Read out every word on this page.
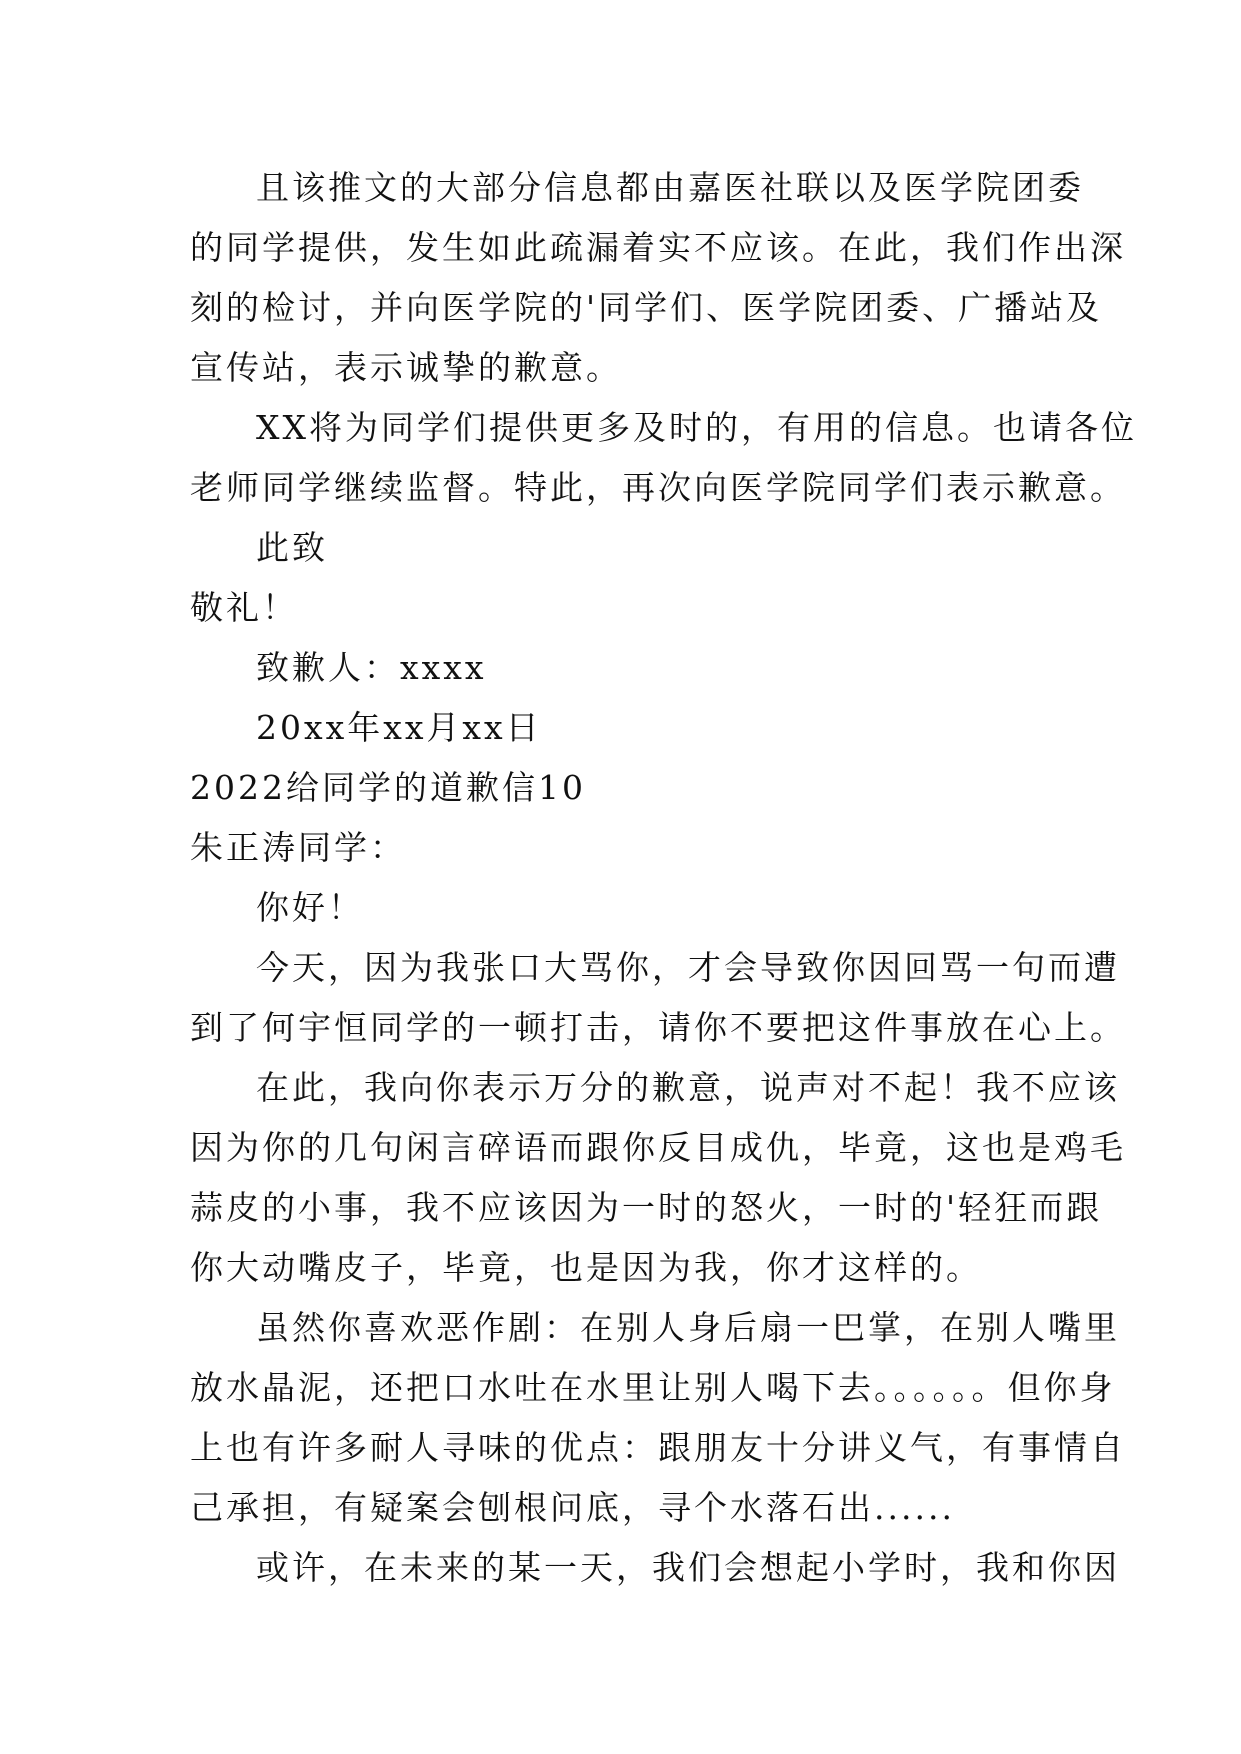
且该推文的大部分信息都由嘉医社联以及医学院团委
的同学提供，发生如此疏漏着实不应该。在此，我们作出深
刻的检讨，并向医学院的'同学们、医学院团委、广播站及
宣传站，表示诚挚的歉意。
XX将为同学们提供更多及时的，有用的信息。也请各位
老师同学继续监督。特此，再次向医学院同学们表示歉意。
此致
敬礼！
致歉人：xxxx
20xx年xx月xx日
2022给同学的道歉信10
朱正涛同学：
你好！
今天，因为我张口大骂你，才会导致你因回骂一句而遭
到了何宇恒同学的一顿打击，请你不要把这件事放在心上。
在此，我向你表示万分的歉意，说声对不起！我不应该
因为你的几句闲言碎语而跟你反目成仇，毕竟，这也是鸡毛
蒜皮的小事，我不应该因为一时的怒火，一时的'轻狂而跟
你大动嘴皮子，毕竟，也是因为我，你才这样的。
虽然你喜欢恶作剧：在别人身后扇一巴掌，在别人嘴里
放水晶泥，还把口水吐在水里让别人喝下去。。。。。。但你身
上也有许多耐人寻味的优点：跟朋友十分讲义气，有事情自
己承担，有疑案会刨根问底，寻个水落石出......
或许，在未来的某一天，我们会想起小学时，我和你因
